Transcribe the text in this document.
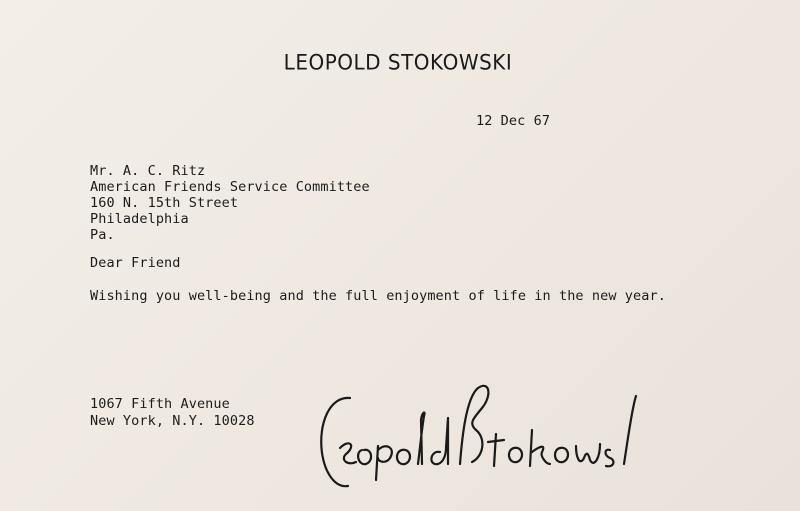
LEOPOLD STOKOWSKI
12 Dec 67
Mr. A. C. Ritz
American Friends Service Committee
160 N. 15th Street
Philadelphia
Pa.
Dear Friend
Wishing you well-being and the full enjoyment of life in the new year.
1067 Fifth Avenue
New York, N.Y. 10028
